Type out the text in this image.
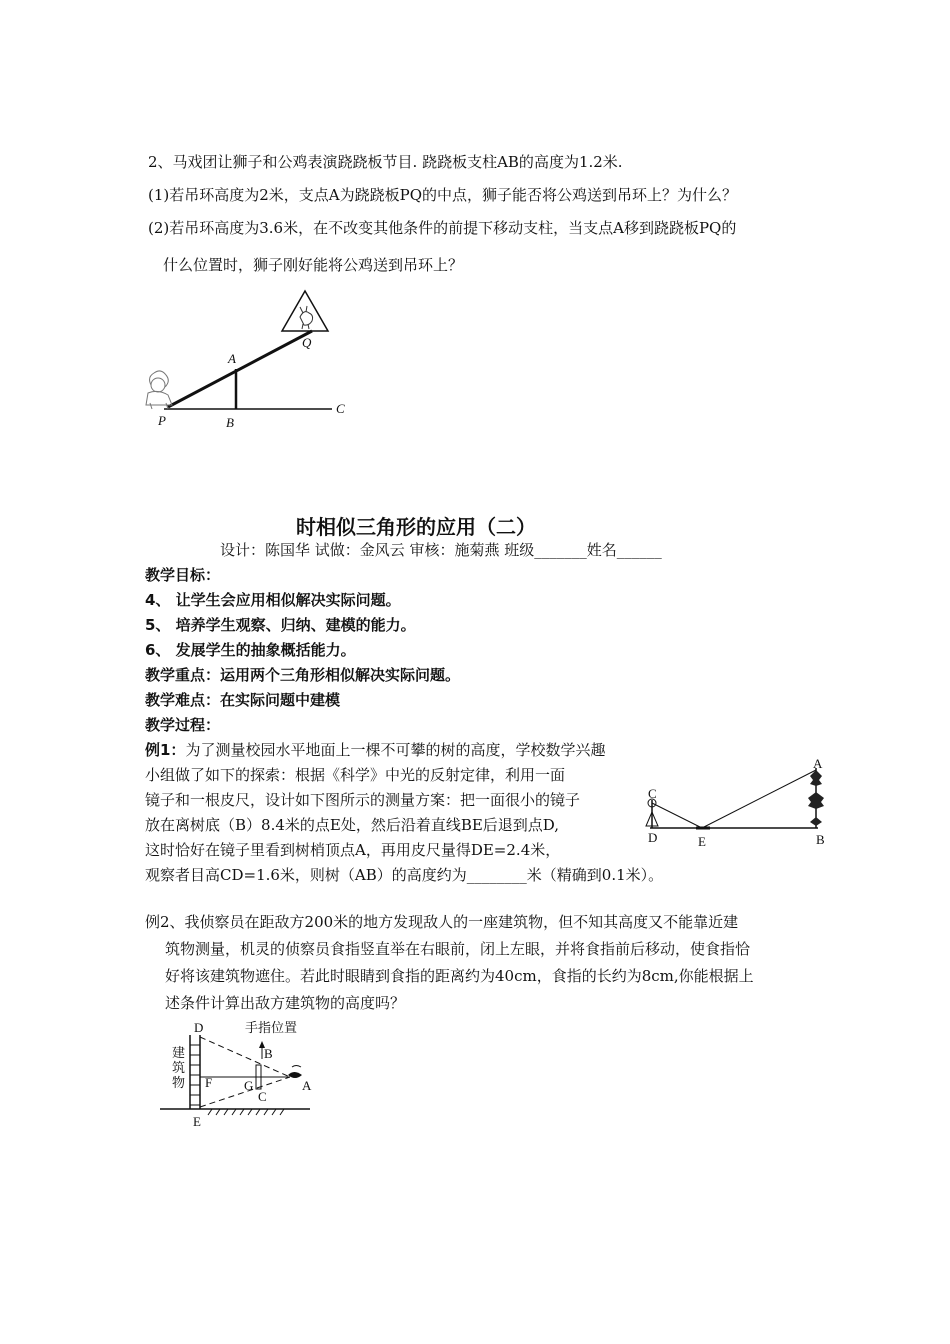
2、马戏团让狮子和公鸡表演跷跷板节目. 跷跷板支柱AB的高度为1.2米.
(1)若吊环高度为2米，支点A为跷跷板PQ的中点，狮子能否将公鸡送到吊环上？为什么？
(2)若吊环高度为3.6米，在不改变其他条件的前提下移动支柱，当支点A移到跷跷板PQ的
什么位置时，狮子刚好能将公鸡送到吊环上？
A
Q
P	B
C
时相似三角形的应用（二）
设计：陈国华 试做：金风云 审核：施菊燕 班级_______姓名______
教学目标：
4、 让学生会应用相似解决实际问题。
5、 培养学生观察、归纳、建模的能力。
6、 发展学生的抽象概括能力。
教学重点：运用两个三角形相似解决实际问题。
教学难点：在实际问题中建模
教学过程：
例1：为了测量校园水平地面上一棵不可攀的树的高度，学校数学兴趣
小组做了如下的探索：根据《科学》中光的反射定律，利用一面
镜子和一根皮尺，设计如下图所示的测量方案：把一面很小的镜子
放在离树底（B）8.4米的点E处，然后沿着直线BE后退到点D,
这时恰好在镜子里看到树梢顶点A，再用皮尺量得DE=2.4米，
观察者目高CD=1.6米，则树（AB）的高度约为________米（精确到0.1米）。
A
C
D	E	B
例2、我侦察员在距敌方200米的地方发现敌人的一座建筑物，但不知其高度又不能靠近建
筑物测量，机灵的侦察员食指竖直举在右眼前，闭上左眼，并将食指前后移动，使食指恰
好将该建筑物遮住。若此时眼睛到食指的距离约为40cm，食指的长约为8cm,你能根据上
述条件计算出敌方建筑物的高度吗？
手指位置
建
筑
物
D
B
F G
C
A
E
